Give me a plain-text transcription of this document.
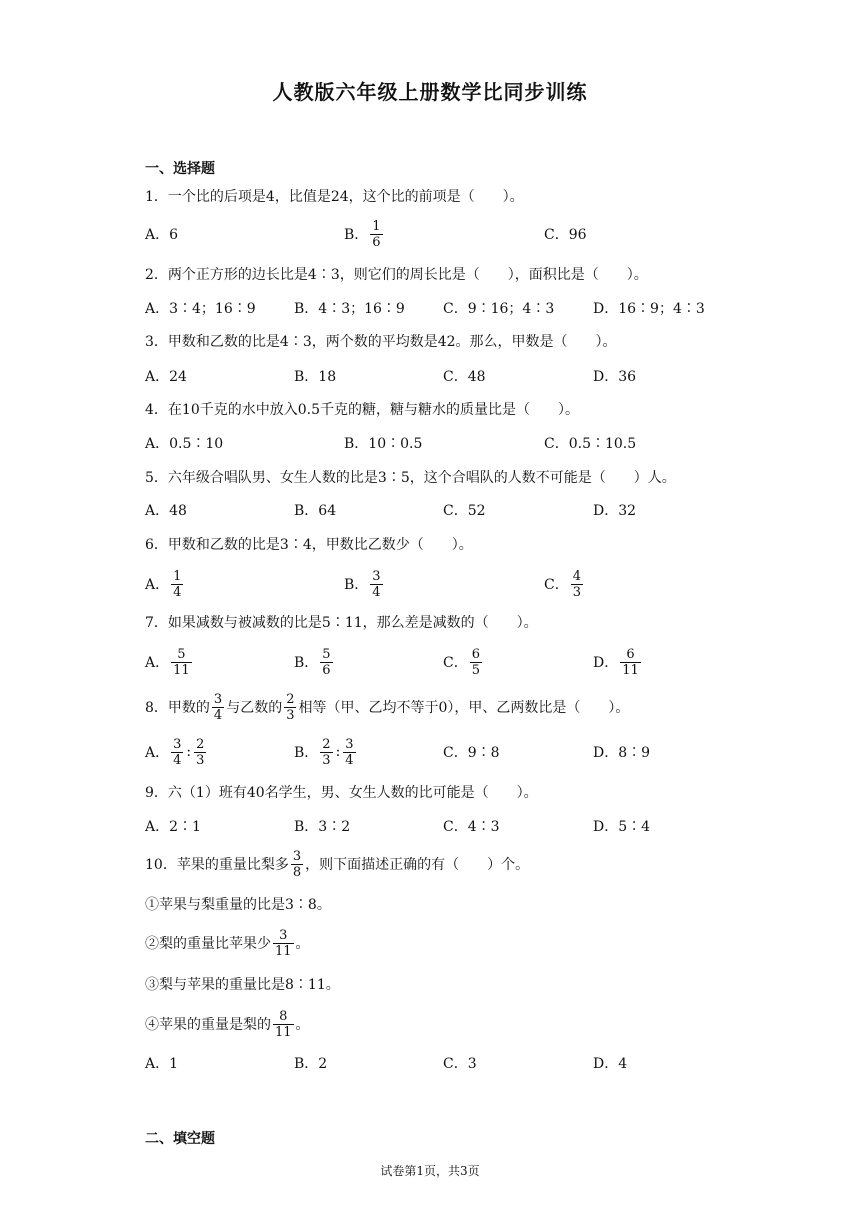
人教版六年级上册数学比同步训练
一、选择题
1．一个比的后项是4，比值是24，这个比的前项是（　　）。
A．6	B． $\frac{1}{6}$	C．96
2．两个正方形的边长比是4∶3，则它们的周长比是（　　），面积比是（　　）。
A．3∶4；16∶9	B．4∶3；16∶9	C．9∶16；4∶3	D．16∶9；4∶3
3．甲数和乙数的比是4∶3，两个数的平均数是42。那么，甲数是（　　）。
A．24	B．18	C．48	D．36
4．在10千克的水中放入0.5千克的糖，糖与糖水的质量比是（　　）。
A．0.5∶10	B．10∶0.5	C．0.5∶10.5
5．六年级合唱队男、女生人数的比是3∶5，这个合唱队的人数不可能是（　　）人。
A．48	B．64	C．52	D．32
6．甲数和乙数的比是3∶4，甲数比乙数少（　　）。
A． $\frac{1}{4}$	B． $\frac{3}{4}$	C． $\frac{4}{3}$
7．如果减数与被减数的比是5∶11，那么差是减数的（　　）。
A． $\frac{5}{11}$	B． $\frac{5}{6}$	C． $\frac{6}{5}$	D． $\frac{6}{11}$
8．甲数的 $\frac{3}{4}$ 与乙数的 $\frac{2}{3}$ 相等（甲、乙均不等于0），甲、乙两数比是（　　）。
A． $\frac{3}{4}$ : $\frac{2}{3}$	B． $\frac{2}{3}$ : $\frac{3}{4}$	C．9∶8	D．8∶9
9．六（1）班有40名学生，男、女生人数的比可能是（　　）。
A．2∶1	B．3∶2	C．4∶3	D．5∶4
10．苹果的重量比梨多 $\frac{3}{8}$ ，则下面描述正确的有（　　）个。
①苹果与梨重量的比是3∶8。
②梨的重量比苹果少 $\frac{3}{11}$ 。
③梨与苹果的重量比是8∶11。
④苹果的重量是梨的 $\frac{8}{11}$ 。
A．1	B．2	C．3	D．4
二、填空题
试卷第1页，共3页
